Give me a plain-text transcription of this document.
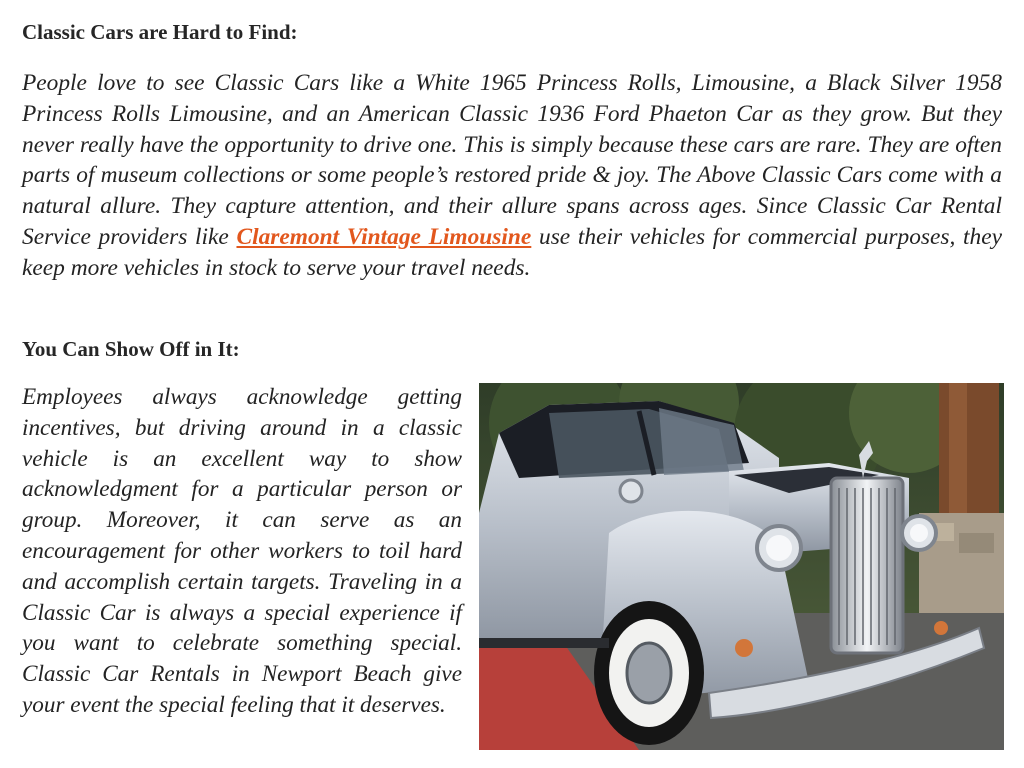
Classic Cars are Hard to Find:

People love to see Classic Cars like a White 1965 Princess Rolls, Limousine, a Black Silver 1958 Princess Rolls Limousine, and an American Classic 1936 Ford Phaeton Car as they grow. But they never really have the opportunity to drive one. This is simply because these cars are rare. They are often parts of museum collections or some people’s restored pride & joy. The Above Classic Cars come with a natural allure. They capture attention, and their allure spans across ages. Since Classic Car Rental Service providers like Claremont Vintage Limousine use their vehicles for commercial purposes, they keep more vehicles in stock to serve your travel needs.

You Can Show Off in It:

Employees always acknowledge getting incentives, but driving around in a classic vehicle is an excellent way to show acknowledgment for a particular person or group. Moreover, it can serve as an encouragement for other workers to toil hard and accomplish certain targets. Traveling in a Classic Car is always a special experience if you want to celebrate something special. Classic Car Rentals in Newport Beach give your event the special feeling that it deserves.
